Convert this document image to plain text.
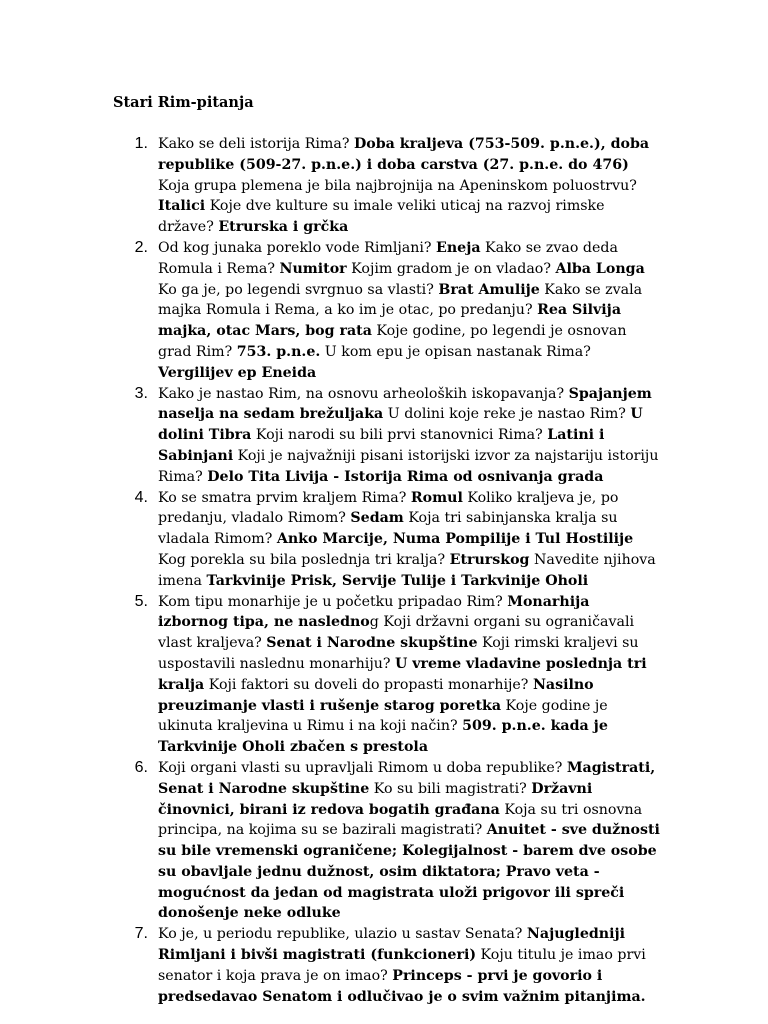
Stari Rim-pitanja
1. Kako se deli istorija Rima? Doba kraljeva (753-509. p.n.e.), doba republike (509-27. p.n.e.) i doba carstva (27. p.n.e. do 476) Koja grupa plemena je bila najbrojnija na Apeninskom poluostrvu? Italici Koje dve kulture su imale veliki uticaj na razvoj rimske države? Etrurska i grčka
2. Od kog junaka poreklo vode Rimljani? Eneja Kako se zvao deda Romula i Rema? Numitor Kojim gradom je on vladao? Alba Longa Ko ga je, po legendi svrgnuo sa vlasti? Brat Amulije Kako se zvala majka Romula i Rema, a ko im je otac, po predanju? Rea Silvija majka, otac Mars, bog rata Koje godine, po legendi je osnovan grad Rim? 753. p.n.e. U kom epu je opisan nastanak Rima? Vergilijev ep Eneida
3. Kako je nastao Rim, na osnovu arheoloških iskopavanja? Spajanjem naselja na sedam brežuljaka U dolini koje reke je nastao Rim? U dolini Tibra Koji narodi su bili prvi stanovnici Rima? Latini i Sabinjani Koji je najvažniji pisani istorijski izvor za najstariju istoriju Rima? Delo Tita Livija - Istorija Rima od osnivanja grada
4. Ko se smatra prvim kraljem Rima? Romul Koliko kraljeva je, po predanju, vladalo Rimom? Sedam Koja tri sabinjanska kralja su vladala Rimom? Anko Marcije, Numa Pompilije i Tul Hostilije Kog porekla su bila poslednja tri kralja? Etrurskog Navedite njihova imena Tarkvinije Prisk, Servije Tulije i Tarkvinije Oholi
5. Kom tipu monarhije je u početku pripadao Rim? Monarhija izbornog tipa, ne naslednog Koji državni organi su ograničavali vlast kraljeva? Senat i Narodne skupštine Koji rimski kraljevi su uspostavili naslednu monarhiju? U vreme vladavine poslednja tri kralja Koji faktori su doveli do propasti monarhije? Nasilno preuzimanje vlasti i rušenje starog poretka Koje godine je ukinuta kraljevina u Rimu i na koji način? 509. p.n.e. kada je Tarkvinije Oholi zbačen s prestola
6. Koji organi vlasti su upravljali Rimom u doba republike? Magistrati, Senat i Narodne skupštine Ko su bili magistrati? Državni činovnici, birani iz redova bogatih građana Koja su tri osnovna principa, na kojima su se bazirali magistrati? Anuitet - sve dužnosti su bile vremenski ograničene; Kolegijalnost - barem dve osobe su obavljale jednu dužnost, osim diktatora; Pravo veta - mogućnost da jedan od magistrata uloži prigovor ili spreči donošenje neke odluke
7. Ko je, u periodu republike, ulazio u sastav Senata? Najugledniji Rimljani i bivši magistrati (funkcioneri) Koju titulu je imao prvi senator i koja prava je on imao? Princeps - prvi je govorio i predsedavao Senatom i odlučivao je o svim važnim pitanjima.
